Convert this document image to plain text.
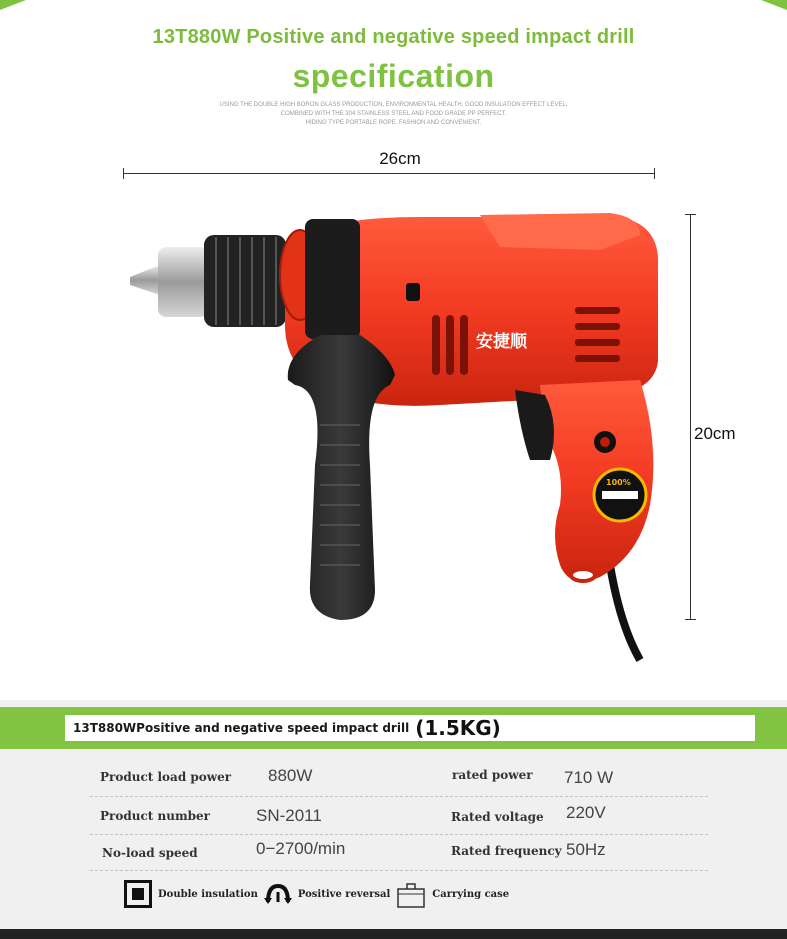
13T880W Positive and negative speed impact drill
specification
USING THE DOUBLE HIGH BORON GLASS PRODUCTION, ENVIRONMENTAL HEALTH, GOOD INSULATION EFFECT LEVEL,
COMBINED WITH THE 304 STAINLESS STEEL AND FOOD GRADE PP PERFECT.
HIDING TYPE PORTABLE ROPE, FASHION AND CONVENIENT.
26cm
20cm
安捷顺
100%
13T880WPositive and negative speed impact drill (1.5KG)
Product load power 880W	rated power 710 W
Product number	SN-2011	Rated voltage 220V
No-load speed	0−2700/min	Rated frequency 50Hz
Double insulation	Positive reversal	Carrying case
